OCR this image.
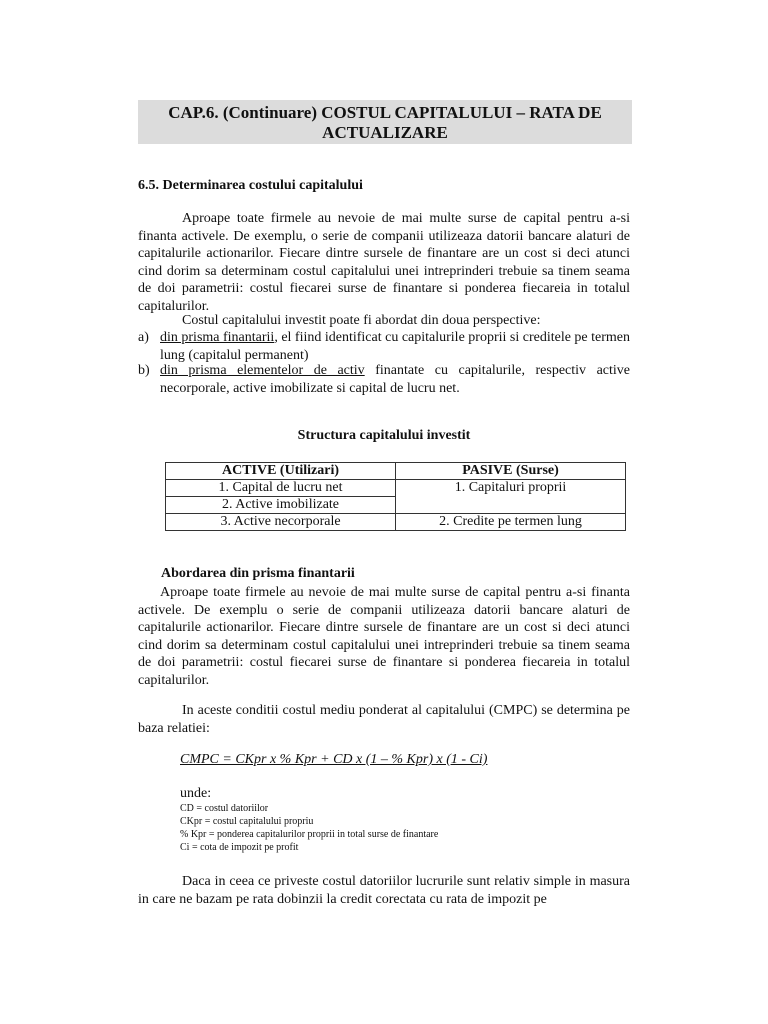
CAP.6. (Continuare) COSTUL CAPITALULUI – RATA DE
ACTUALIZARE
6.5. Determinarea costului capitalului

Aproape toate firmele au nevoie de mai multe surse de capital pentru a-si finanta activele. De exemplu, o serie de companii utilizeaza datorii bancare alaturi de capitalurile actionarilor. Fiecare dintre sursele de finantare are un cost si deci atunci cind dorim sa determinam costul capitalului unei intreprinderi trebuie sa tinem seama de doi parametrii: costul fiecarei surse de finantare si ponderea fiecareia in totalul capitalurilor.

Costul capitalului investit poate fi abordat din doua perspective:

a) din prisma finantarii, el fiind identificat cu capitalurile proprii si creditele pe termen lung (capitalul permanent)
b) din prisma elementelor de activ finantate cu capitalurile, respectiv active necorporale, active imobilizate si capital de lucru net.
Structura capitalului investit
ACTIVE (Utilizari)	PASIVE (Surse)
1. Capital de lucru net	1. Capitaluri proprii
2. Active imobilizate	
3. Active necorporale	2. Credite pe termen lung
Abordarea din prisma finantarii

Aproape toate firmele au nevoie de mai multe surse de capital pentru a-si finanta activele. De exemplu o serie de companii utilizeaza datorii bancare alaturi de capitalurile actionarilor. Fiecare dintre sursele de finantare are un cost si deci atunci cind dorim sa determinam costul capitalului unei intreprinderi trebuie sa tinem seama de doi parametrii: costul fiecarei surse de finantare si ponderea fiecareia in totalul capitalurilor.

In aceste conditii costul mediu ponderat al capitalului (CMPC) se determina pe baza relatiei:

CMPC = CKpr x % Kpr + CD x (1 – % Kpr) x (1 - Ci)
unde:
CD = costul datoriilor
CKpr = costul capitalului propriu
% Kpr = ponderea capitalurilor proprii in total surse de finantare
Ci = cota de impozit pe profit

Daca in ceea ce priveste costul datoriilor lucrurile sunt relativ simple in masura in care ne bazam pe rata dobinzii la credit corectata cu rata de impozit pe
